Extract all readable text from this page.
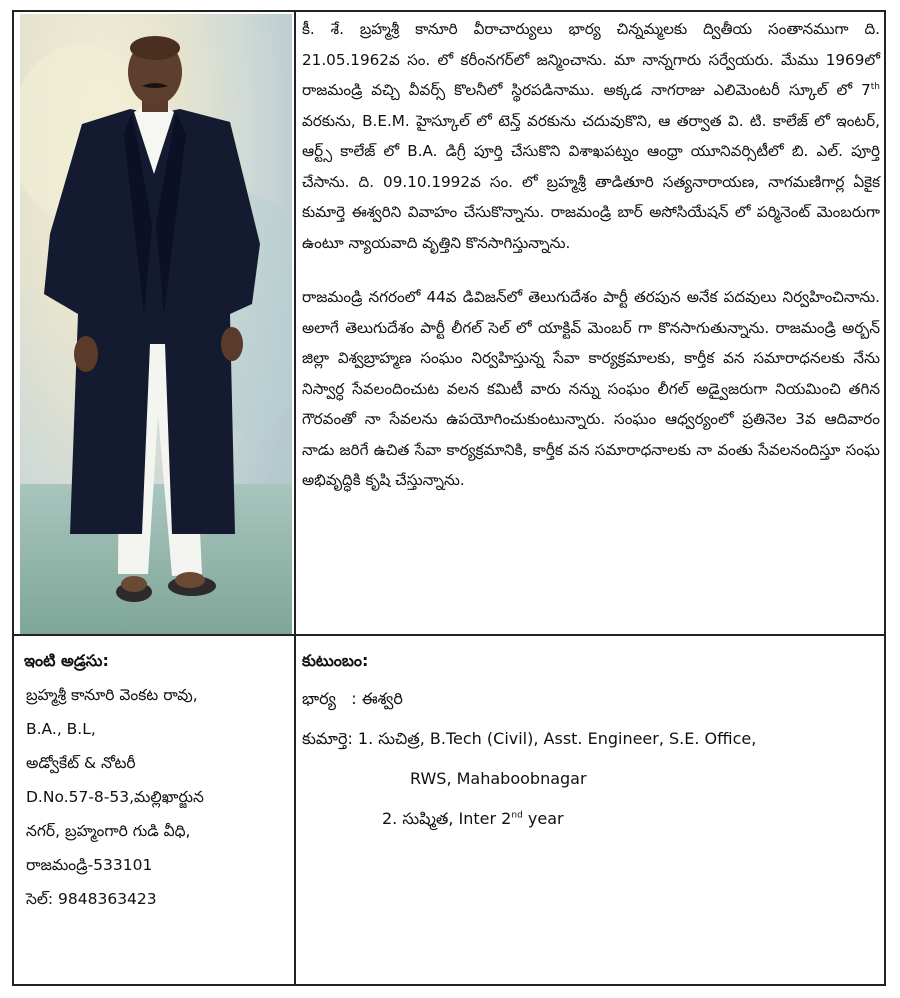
కీ. శే. బ్రహ్మశ్రీ కానూరి వీరాచార్యులు భార్య చిన్నమ్మలకు ద్వితీయ సంతానముగా ది. 21.05.1962వ సం. లో కరీంనగర్‌లో జన్మించాను. మా నాన్నగారు సర్వేయరు. మేము 1969లో రాజమండ్రి వచ్చి వీవర్స్ కొలనీలో స్థిరపడినాము. అక్కడ నాగరాజు ఎలిమెంటరీ స్కూల్ లో 7th వరకును, B.E.M. హైస్కూల్ లో టెన్త్ వరకును చదువుకొని, ఆ తర్వాత వి. టి. కాలేజ్ లో ఇంటర్, ఆర్ట్స్ కాలేజ్ లో B.A. డిగ్రీ పూర్తి చేసుకొని విశాఖపట్నం ఆంధ్రా యూనివర్సిటీలో బి. ఎల్. పూర్తి చేసాను. ది. 09.10.1992వ సం. లో బ్రహ్మశ్రీ తాడితూరి సత్యనారాయణ, నాగమణిగార్ల ఏకైక కుమార్తె ఈశ్వరిని వివాహం చేసుకొన్నాను. రాజమండ్రి బార్ అసోసియేషన్ లో పర్మినెంట్ మెంబరుగా ఉంటూ న్యాయవాది వృత్తిని కొనసాగిస్తున్నాను.

రాజమండ్రి నగరంలో 44వ డివిజన్‌లో తెలుగుదేశం పార్టీ తరపున అనేక పదవులు నిర్వహించినాను. అలాగే తెలుగుదేశం పార్టీ లీగల్ సెల్ లో యాక్టివ్ మెంబర్ గా కొనసాగుతున్నాను. రాజమండ్రి అర్బన్ జిల్లా విశ్వబ్రాహ్మణ సంఘం నిర్వహిస్తున్న సేవా కార్యక్రమాలకు, కార్తీక వన సమారాధనలకు నేను నిస్వార్ధ సేవలందించుట వలన కమిటీ వారు నన్ను సంఘం లీగల్ అడ్వైజరుగా నియమించి తగిన గౌరవంతో నా సేవలను ఉపయోగించుకుంటున్నారు. సంఘం ఆధ్వర్యంలో ప్రతినెల 3వ ఆదివారం నాడు జరిగే ఉచిత సేవా కార్యక్రమానికి, కార్తీక వన సమారాధనాలకు నా వంతు సేవలనందిస్తూ సంఘ అభివృద్ధికి కృషి చేస్తున్నాను.

ఇంటి అడ్రసు:
బ్రహ్మశ్రీ కానూరి వెంకట రావు,
B.A., B.L,
అడ్వోకేట్ & నోటరీ
D.No.57-8-53,మల్లిఖార్జున
నగర్, బ్రహ్మంగారి గుడి వీధి,
రాజమండ్రి-533101
సెల్: 9848363423
కుటుంబం:
భార్య   : ఈశ్వరి
కుమార్తె: 1. సుచిత్ర, B.Tech (Civil), Asst. Engineer, S.E. Office,
RWS, Mahaboobnagar
2. సుష్మిత, Inter 2nd year
